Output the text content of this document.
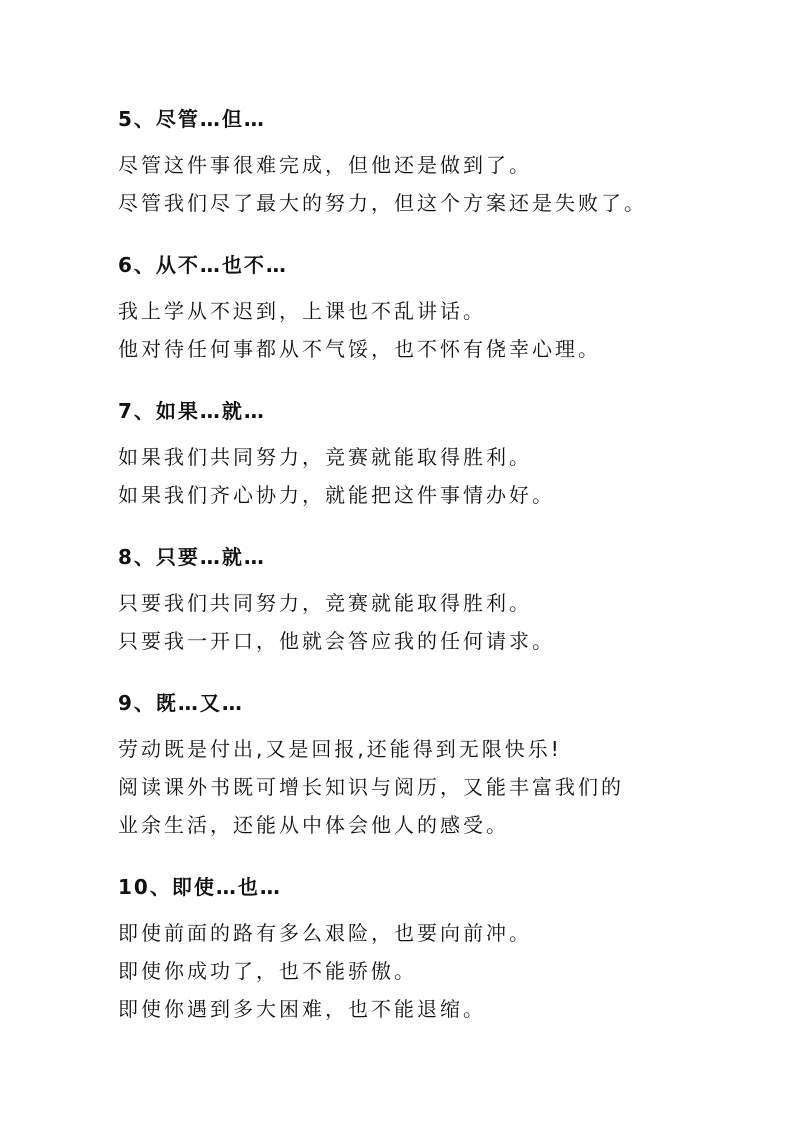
5、尽管…但…
尽管这件事很难完成，但他还是做到了。
尽管我们尽了最大的努力，但这个方案还是失败了。
6、从不…也不…
我上学从不迟到，上课也不乱讲话。
他对待任何事都从不气馁，也不怀有侥幸心理。
7、如果…就…
如果我们共同努力，竞赛就能取得胜利。
如果我们齐心协力，就能把这件事情办好。
8、只要…就…
只要我们共同努力，竞赛就能取得胜利。
只要我一开口，他就会答应我的任何请求。
9、既…又…
劳动既是付出,又是回报,还能得到无限快乐!
阅读课外书既可增长知识与阅历，又能丰富我们的
业余生活，还能从中体会他人的感受。
10、即使…也…
即使前面的路有多么艰险，也要向前冲。
即使你成功了，也不能骄傲。
即使你遇到多大困难，也不能退缩。
